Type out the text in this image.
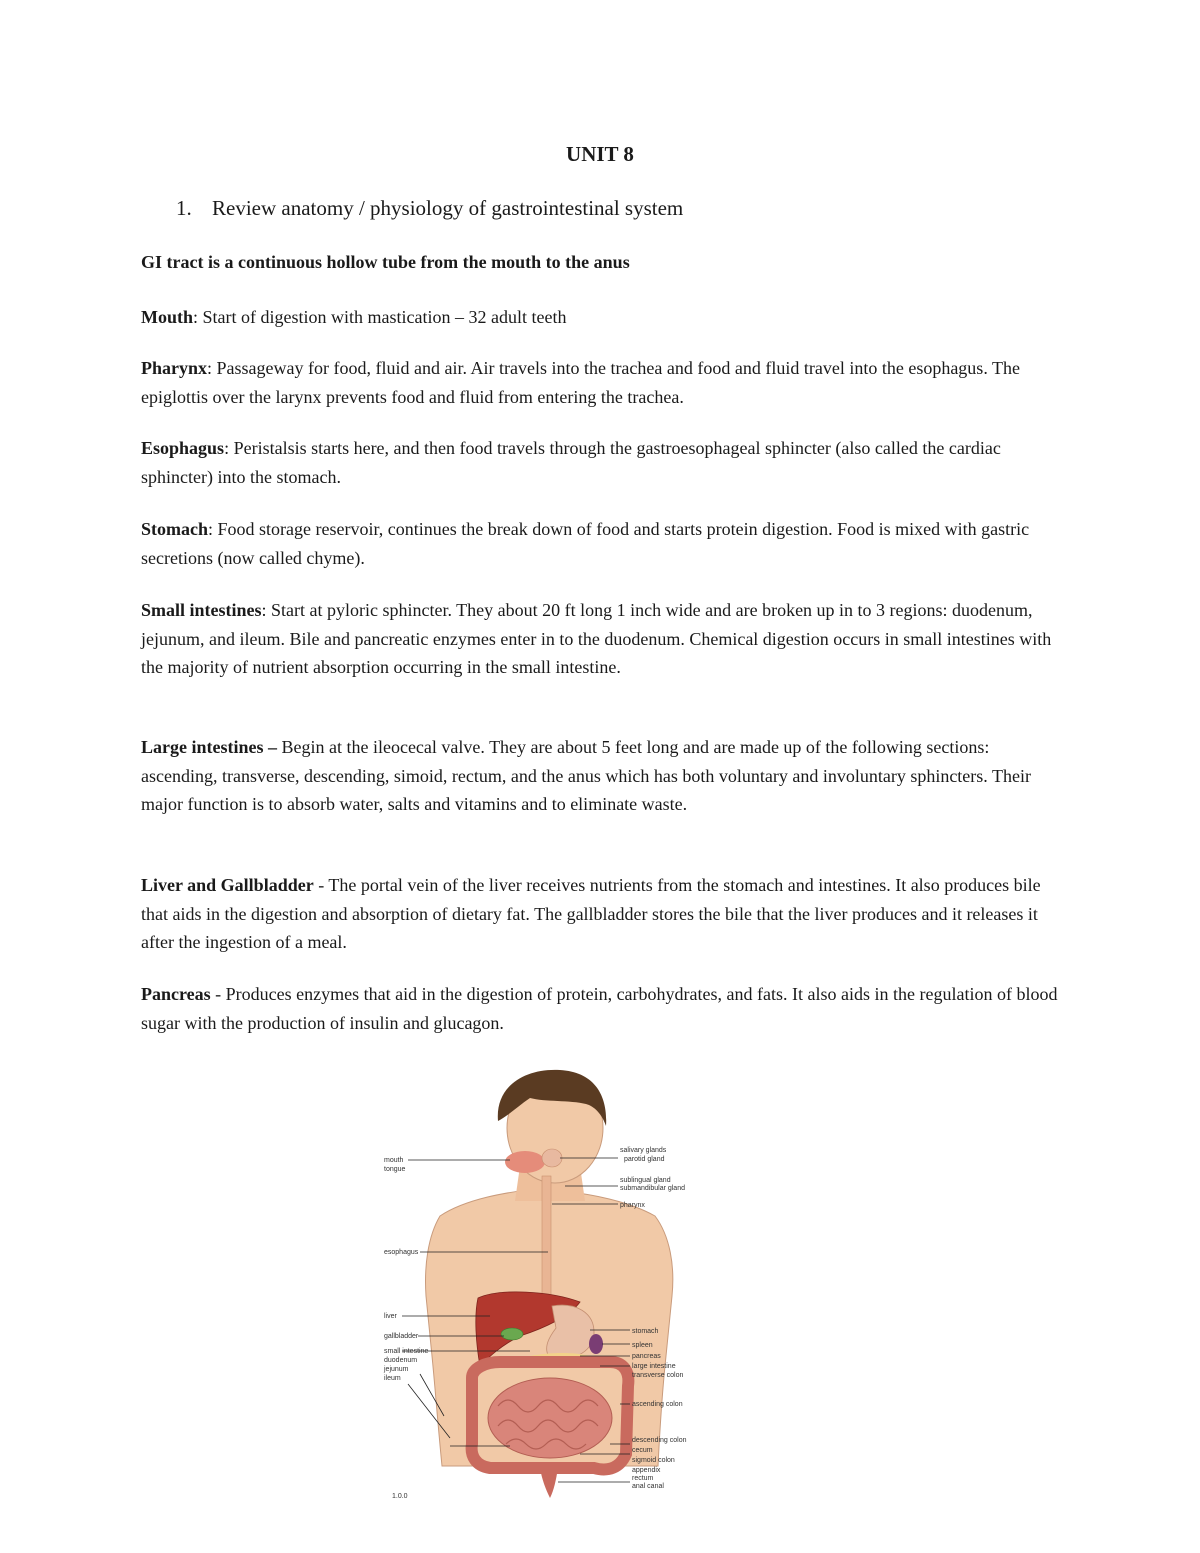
UNIT 8

1. Review anatomy / physiology of gastrointestinal system

GI tract is a continuous hollow tube from the mouth to the anus

Mouth: Start of digestion with mastication – 32 adult teeth

Pharynx: Passageway for food, fluid and air. Air travels into the trachea and food and fluid travel into the esophagus. The epiglottis over the larynx prevents food and fluid from entering the trachea.

Esophagus: Peristalsis starts here, and then food travels through the gastroesophageal sphincter (also called the cardiac sphincter) into the stomach.

Stomach: Food storage reservoir, continues the break down of food and starts protein digestion. Food is mixed with gastric secretions (now called chyme).

Small intestines: Start at pyloric sphincter. They about 20 ft long 1 inch wide and are broken up in to 3 regions: duodenum, jejunum, and ileum. Bile and pancreatic enzymes enter in to the duodenum. Chemical digestion occurs in small intestines with the majority of nutrient absorption occurring in the small intestine.

Large intestines – Begin at the ileocecal valve. They are about 5 feet long and are made up of the following sections: ascending, transverse, descending, simoid, rectum, and the anus which has both voluntary and involuntary sphincters. Their major function is to absorb water, salts and vitamins and to eliminate waste.

Liver and Gallbladder - The portal vein of the liver receives nutrients from the stomach and intestines. It also produces bile that aids in the digestion and absorption of dietary fat. The gallbladder stores the bile that the liver produces and it releases it after the ingestion of a meal.

Pancreas - Produces enzymes that aid in the digestion of protein, carbohydrates, and fats. It also aids in the regulation of blood sugar with the production of insulin and glucagon.

mouth
tongue
esophagus
liver
gallbladder
small intestine
duodenum
jejunum
ileum
salivary glands
parotid gland
sublingual gland
submandibular gland
pharynx
stomach
spleen
pancreas
large intestine
transverse colon
ascending colon
descending colon
cecum
sigmoid colon
appendix
rectum
anal canal
1.0.0
